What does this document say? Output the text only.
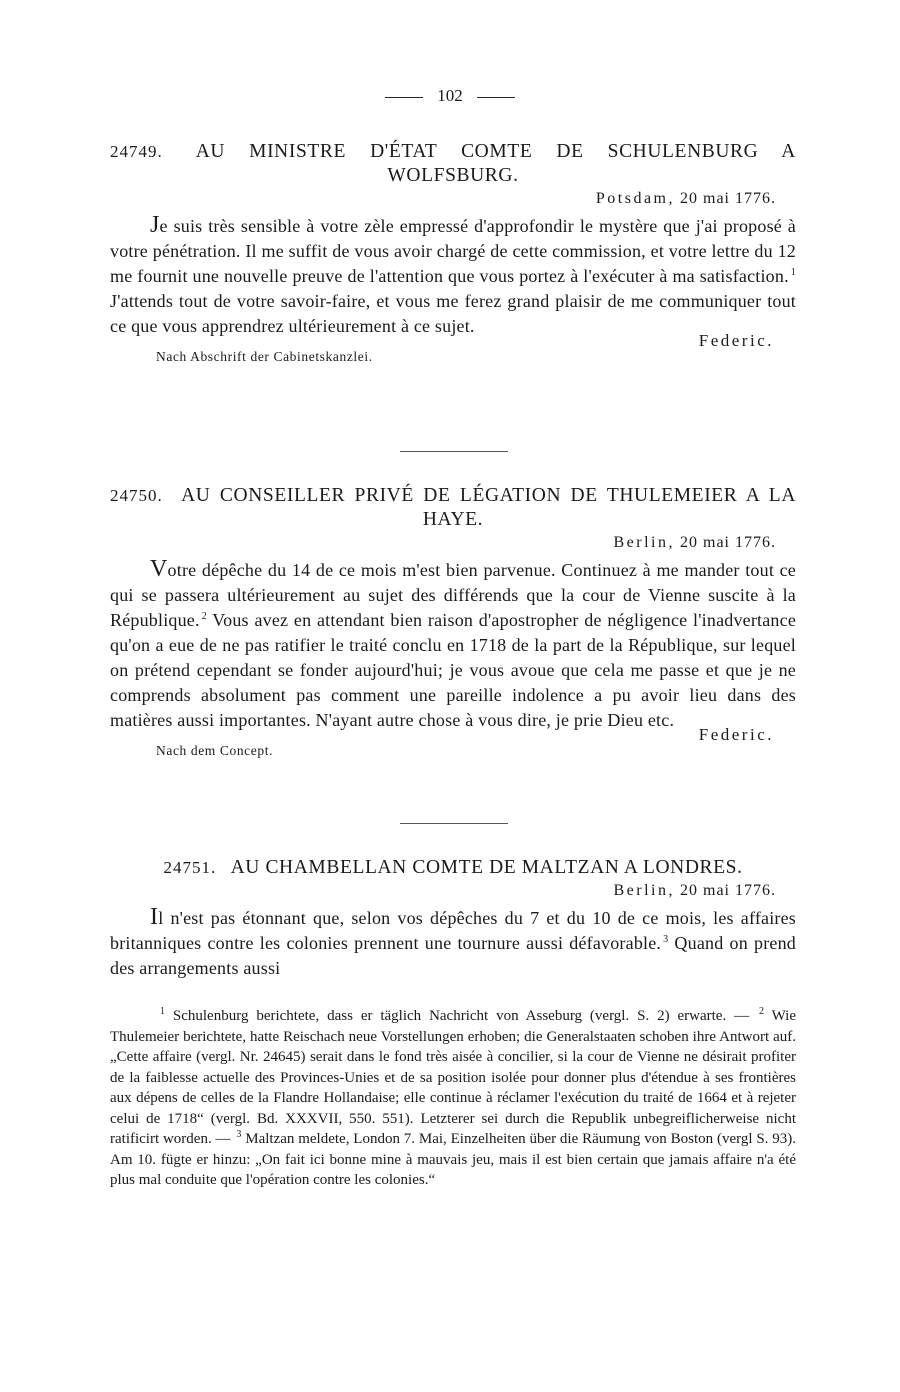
102
24749. AU MINISTRE D'ÉTAT COMTE DE SCHULENBURG A WOLFSBURG.
Potsdam, 20 mai 1776.

Je suis très sensible à votre zèle empressé d'approfondir le mystère que j'ai proposé à votre pénétration. Il me suffit de vous avoir chargé de cette commission, et votre lettre du 12 me fournit une nouvelle preuve de l'attention que vous portez à l'exécuter à ma satisfaction. $^1$ J'attends tout de votre savoir-faire, et vous me ferez grand plaisir de me communiquer tout ce que vous apprendrez ultérieurement à ce sujet.

Federic.
Nach Abschrift der Cabinetskanzlei.
24750. AU CONSEILLER PRIVÉ DE LÉGATION DE THULEMEIER A LA HAYE.
Berlin, 20 mai 1776.

Votre dépêche du 14 de ce mois m'est bien parvenue. Continuez à me mander tout ce qui se passera ultérieurement au sujet des différends que la cour de Vienne suscite à la République. $^2$ Vous avez en attendant bien raison d'apostropher de négligence l'inadvertance qu'on a eue de ne pas ratifier le traité conclu en 1718 de la part de la République, sur lequel on prétend cependant se fonder aujourd'hui; je vous avoue que cela me passe et que je ne comprends absolument pas comment une pareille indolence a pu avoir lieu dans des matières aussi importantes. N'ayant autre chose à vous dire, je prie Dieu etc.

Federic.
Nach dem Concept.
24751. AU CHAMBELLAN COMTE DE MALTZAN A LONDRES.
Berlin, 20 mai 1776.

Il n'est pas étonnant que, selon vos dépêches du 7 et du 10 de ce mois, les affaires britanniques contre les colonies prennent une tournure aussi défavorable. $^3$ Quand on prend des arrangements aussi

$^1$ Schulenburg berichtete, dass er täglich Nachricht von Asseburg (vergl. S. 2) erwarte. — $^2$ Wie Thulemeier berichtete, hatte Reischach neue Vorstellungen erhoben; die Generalstaaten schoben ihre Antwort auf. „Cette affaire (vergl. Nr. 24645) serait dans le fond très aisée à concilier, si la cour de Vienne ne désirait profiter de la faiblesse actuelle des Provinces-Unies et de sa position isolée pour donner plus d'étendue à ses frontières aux dépens de celles de la Flandre Hollandaise; elle continue à réclamer l'exécution du traité de 1664 et à rejeter celui de 1718“ (vergl. Bd. XXXVII, 550. 551). Letzterer sei durch die Republik unbegreiflicherweise nicht ratificirt worden. — $^3$ Maltzan meldete, London 7. Mai, Einzelheiten über die Räumung von Boston (vergl S. 93). Am 10. fügte er hinzu: „On fait ici bonne mine à mauvais jeu, mais il est bien certain que jamais affaire n'a été plus mal conduite que l'opération contre les colonies.“
